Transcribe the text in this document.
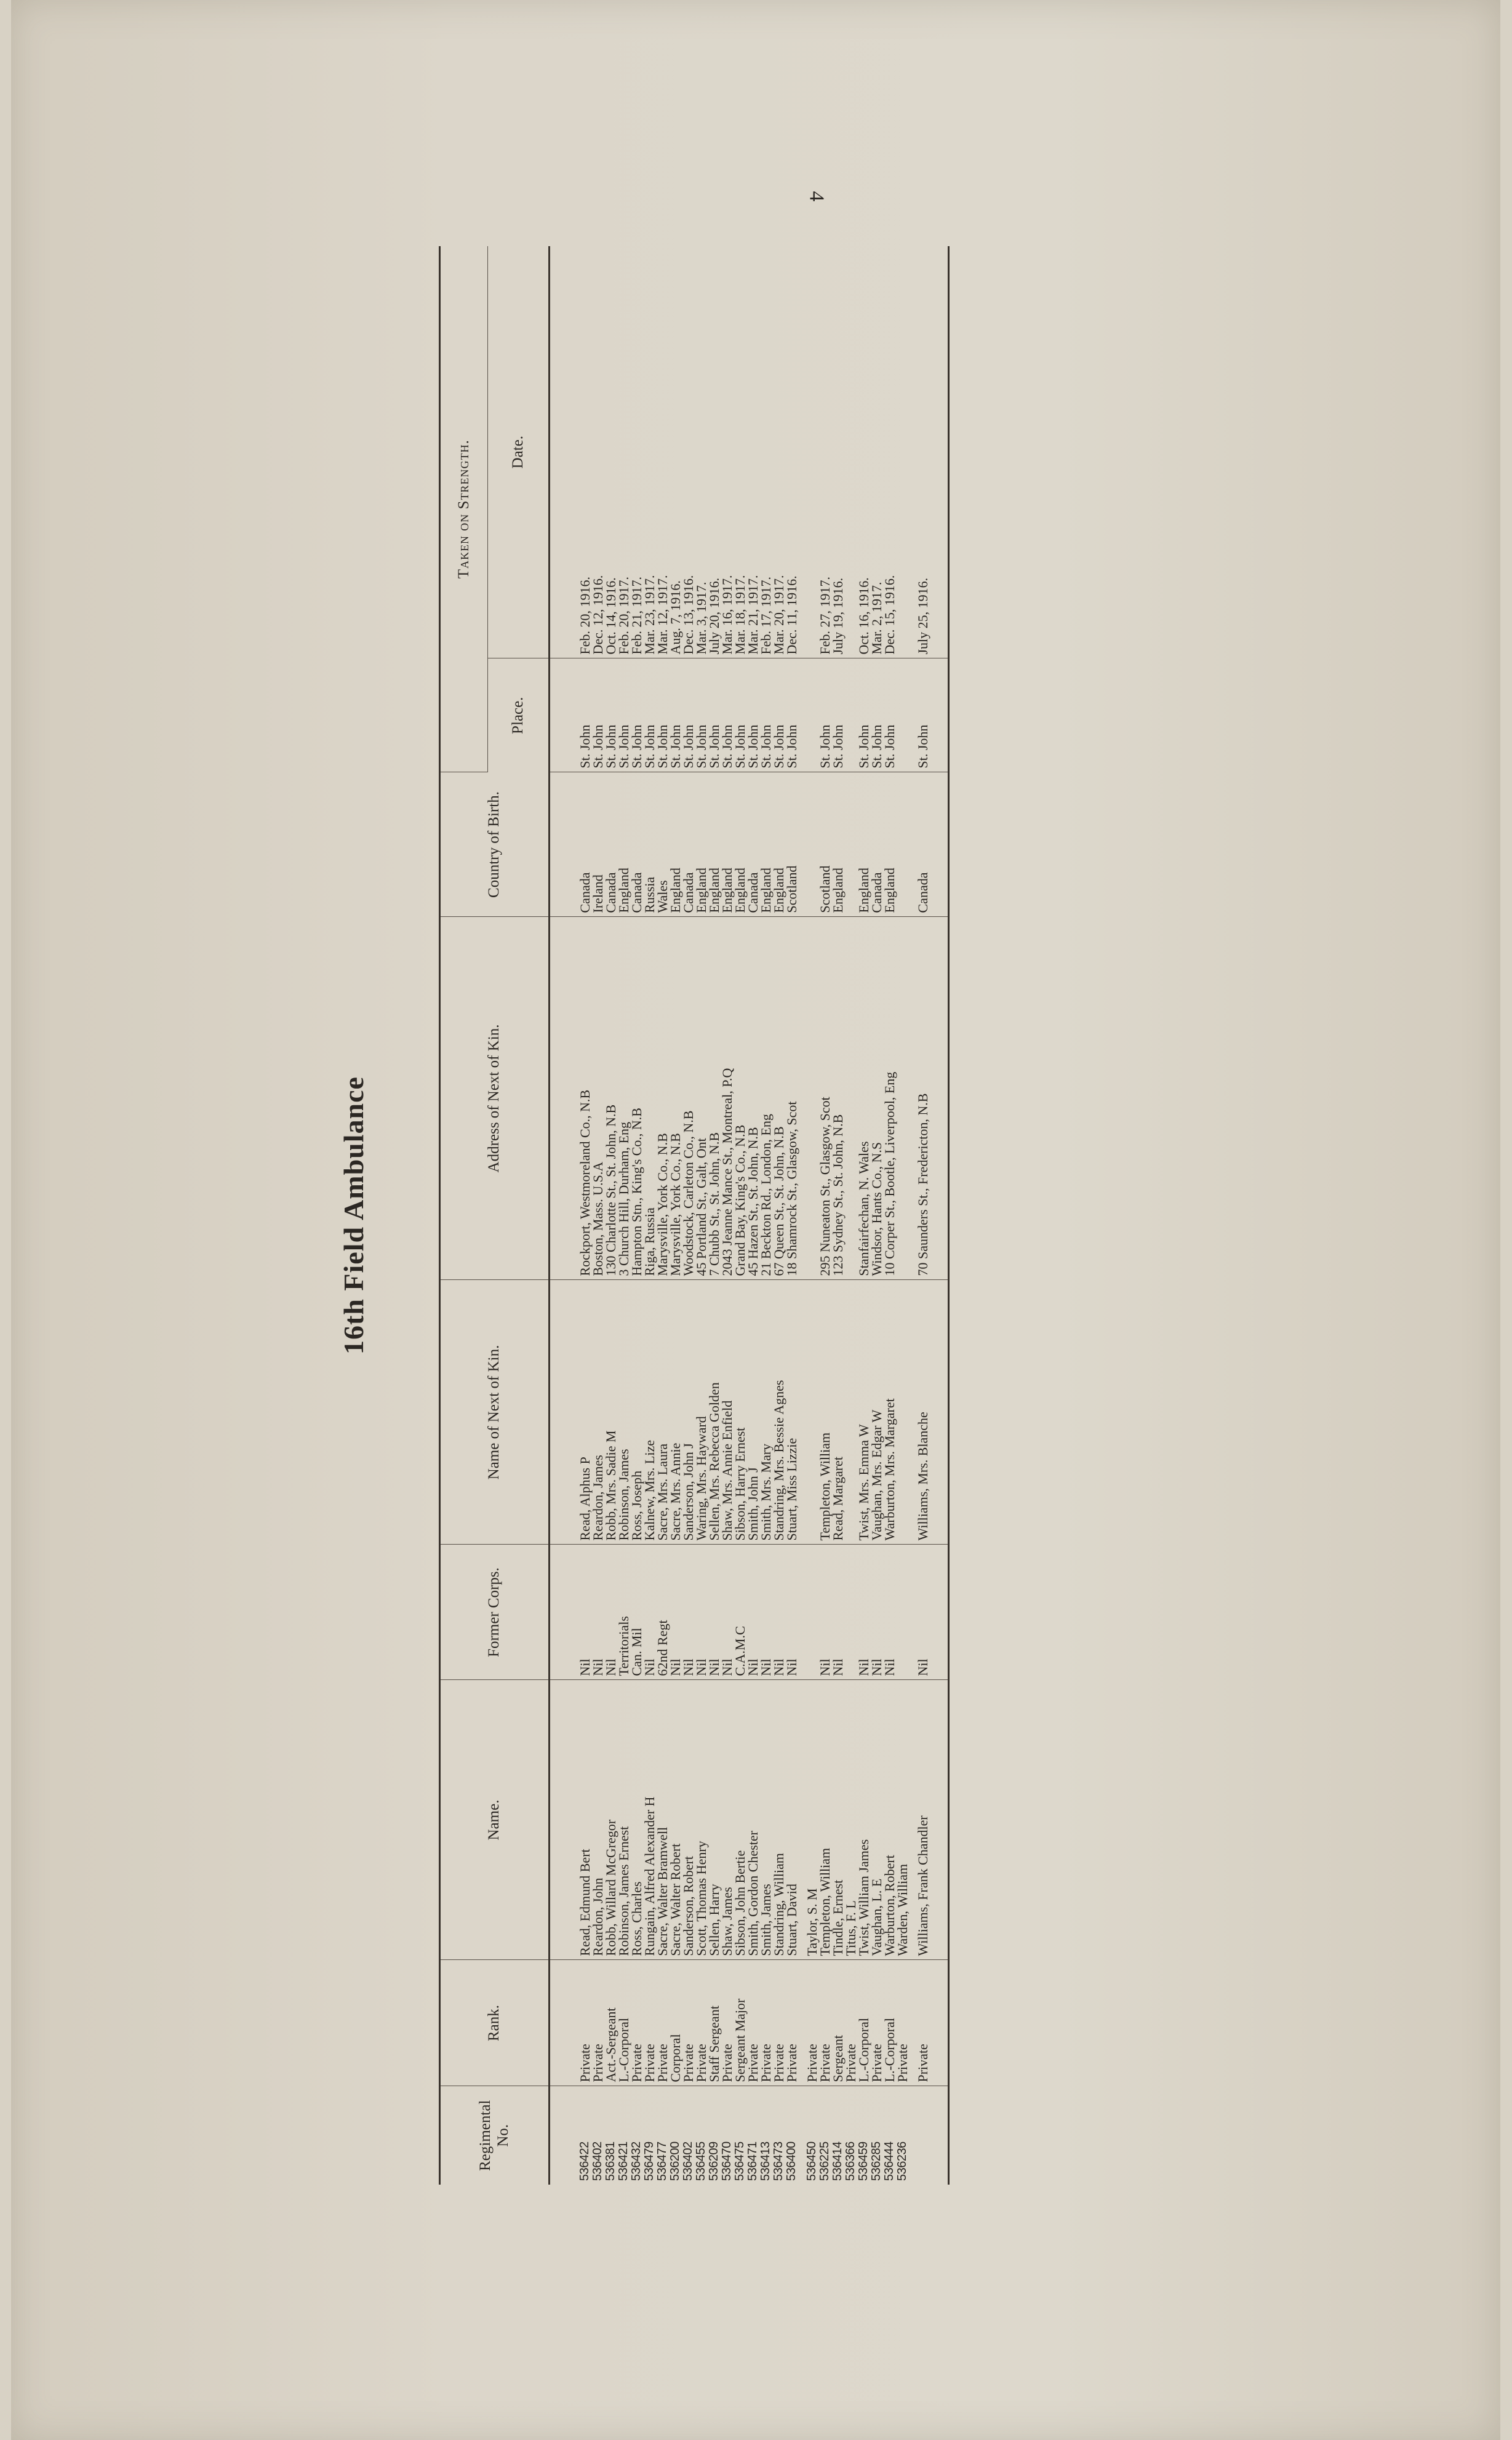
4
16th Field Ambulance
Regimental No.	Rank.	Name.	Former Corps.	Name of Next of Kin.	Address of Next of Kin.	Country of Birth.	Taken on Strength.	
							Place.	Date.

536422	Private	Read, Edmund Bert	Nil	Read, Alphus P	Rockport, Westmoreland Co., N.B	Canada	St. John	Feb. 20, 1916.
536402	Private	Reardon, John	Nil	Reardon, James	Boston, Mass. U.S.A	Ireland	St. John	Dec. 12, 1916.
536381	Act.-Sergeant	Robb, Willard McGregor	Nil	Robb, Mrs. Sadie M	130 Charlotte St., St. John, N.B	Canada	St. John	Oct. 14, 1916.
536421	L.-Corporal	Robinson, James Ernest	Territorials	Robinson, James	3 Church Hill, Durham, Eng	England	St. John	Feb. 20, 1917.
536432	Private	Ross, Charles	Can. Mil	Ross, Joseph	Hampton Stn., King's Co., N.B	Canada	St. John	Feb. 21, 1917.
536479	Private	Rungain, Alfred Alexander H	Nil	Kalnew, Mrs. Lize	Riga, Russia	Russia	St. John	Mar. 23, 1917.
536477	Private	Sacre, Walter Bramwell	62nd Regt	Sacre, Mrs. Laura	Marysville, York Co., N.B	Wales	St. John	Mar. 12, 1917.
536200	Corporal	Sacre, Walter Robert	Nil	Sacre, Mrs. Annie	Marysville, York Co., N.B	England	St. John	Aug. 7, 1916.
536402	Private	Sanderson, Robert	Nil	Sanderson, John J	Woodstock, Carleton Co., N.B	Canada	St. John	Dec. 13, 1916.
536455	Private	Scott, Thomas Henry	Nil	Waring, Mrs. Hayward	45 Portland St., Galt, Ont	England	St. John	Mar. 3, 1917.
536209	Staff Sergeant	Sellen, Harry	Nil	Sellen, Mrs. Rebecca Golden	7 Chubb St., St. John, N.B	England	St. John	July 20, 1916.
536470	Private	Shaw, James	Nil	Shaw, Mrs. Annie Enfield	2043 Jeanne Mance St., Montreal, P.Q	England	St. John	Mar. 16, 1917.
536475	Sergeant Major	Sibson, John Bertie	C.A.M.C	Sibson, Harry Ernest	Grand Bay, King's Co., N.B	England	St. John	Mar. 18, 1917.
536471	Private	Smith, Gordon Chester	Nil	Smith, John J	45 Hazen St., St. John, N.B	Canada	St. John	Mar. 21, 1917.
536413	Private	Smith, James	Nil	Smith, Mrs. Mary	21 Beckton Rd., London, Eng	England	St. John	Feb. 17, 1917.
536473	Private	Standring, William	Nil	Standring, Mrs. Bessie Agnes	67 Queen St., St. John, N.B	England	St. John	Mar. 20, 1917.
536400	Private	Stuart, David	Nil	Stuart, Miss Lizzie	18 Shamrock St., Glasgow, Scot	Scotland	St. John	Dec. 11, 1916.

536450	Private	Taylor, S. M						
536225	Private	Templeton, William	Nil	Templeton, William	295 Nuneaton St., Glasgow, Scot	Scotland	St. John	Feb. 27, 1917.
536414	Sergeant	Tindle, Ernest	Nil	Read, Margaret	123 Sydney St., St. John, N.B	England	St. John	July 19, 1916.
536366	Private	Titus, F. L						
536459	L.-Corporal	Twist, William James	Nil	Twist, Mrs. Emma W	Stanfairfechan, N. Wales	England	St. John	Oct. 16, 1916.
536285	Private	Vaughan, L. E	Nil	Vaughan, Mrs. Edgar W	Windsor, Hants Co., N.S	Canada	St. John	Mar. 2, 1917.
536444	L.-Corporal	Warburton, Robert	Nil	Warburton, Mrs. Margaret	10 Corper St., Bootle, Liverpool, Eng	England	St. John	Dec. 15, 1916.
536236	Private	Warden, William						

	Private	Williams, Frank Chandler	Nil	Williams, Mrs. Blanche	70 Saunders St., Fredericton, N.B	Canada	St. John	July 25, 1916.
